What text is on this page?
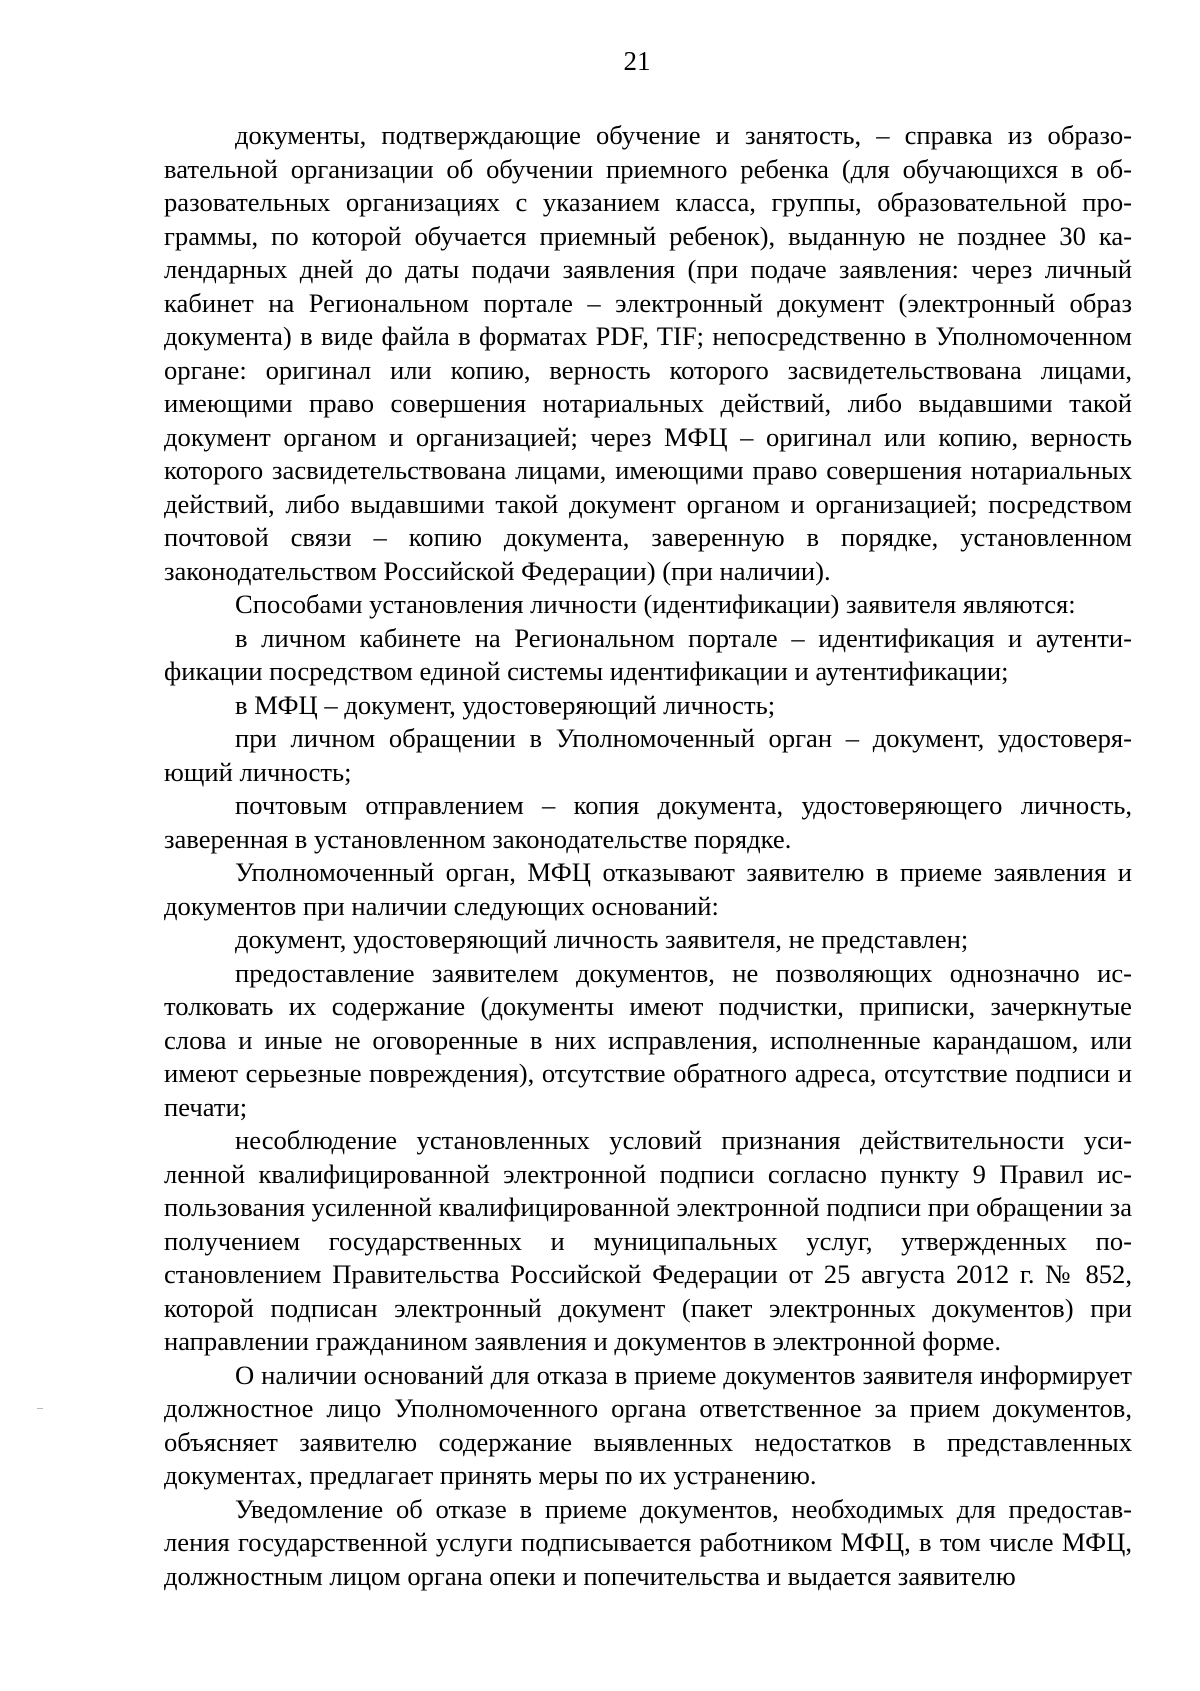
21

документы, подтверждающие обучение и занятость, – справка из образовательной организации об обучении приемного ребенка (для обучающихся в образовательных организациях с указанием класса, группы, образовательной программы, по которой обучается приемный ребенок), выданную не позднее 30 календарных дней до даты подачи заявления (при подаче заявления: через личный кабинет на Региональном портале – электронный документ (электронный образ документа) в виде файла в форматах PDF, TIF; непосредственно в Уполномоченном органе: оригинал или копию, верность которого засвидетельствована лицами, имеющими право совершения нотариальных действий, либо выдавшими такой документ органом и организацией; через МФЦ – оригинал или копию, верность которого засвидетельствована лицами, имеющими право совершения нотариальных действий, либо выдавшими такой документ органом и организацией; посредством почтовой связи – копию документа, заверенную в порядке, установленном законодательством Российской Федерации) (при наличии).

Способами установления личности (идентификации) заявителя являются:

в личном кабинете на Региональном портале – идентификация и аутентификации посредством единой системы идентификации и аутентификации;

в МФЦ – документ, удостоверяющий личность;

при личном обращении в Уполномоченный орган – документ, удостоверяющий личность;

почтовым отправлением – копия документа, удостоверяющего личность, заверенная в установленном законодательстве порядке.

Уполномоченный орган, МФЦ отказывают заявителю в приеме заявления и документов при наличии следующих оснований:

документ, удостоверяющий личность заявителя, не представлен;

предоставление заявителем документов, не позволяющих однозначно истолковать их содержание (документы имеют подчистки, приписки, зачеркнутые слова и иные не оговоренные в них исправления, исполненные карандашом, или имеют серьезные повреждения), отсутствие обратного адреса, отсутствие подписи и печати;

несоблюдение установленных условий признания действительности усиленной квалифицированной электронной подписи согласно пункту 9 Правил использования усиленной квалифицированной электронной подписи при обращении за получением государственных и муниципальных услуг, утвержденных постановлением Правительства Российской Федерации от 25 августа 2012 г. № 852, которой подписан электронный документ (пакет электронных документов) при направлении гражданином заявления и документов в электронной форме.

О наличии оснований для отказа в приеме документов заявителя информирует должностное лицо Уполномоченного органа ответственное за прием документов, объясняет заявителю содержание выявленных недостатков в представленных документах, предлагает принять меры по их устранению.

Уведомление об отказе в приеме документов, необходимых для предоставления государственной услуги подписывается работником МФЦ, в том числе МФЦ, должностным лицом органа опеки и попечительства и выдается заявителю
